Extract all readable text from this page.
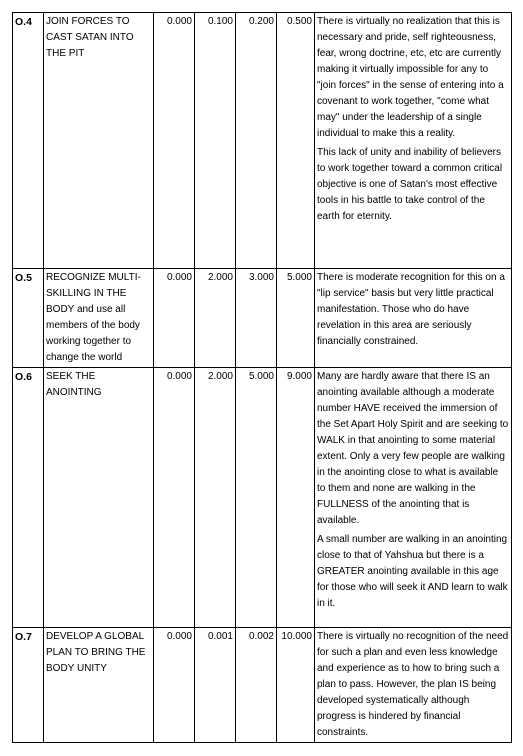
O.4	JOIN FORCES TO CAST SATAN INTO THE PIT	0.000	0.100	0.200	0.500	There is virtually no realization that this is necessary and pride, self righteousness, fear, wrong doctrine, etc, etc are currently making it virtually impossible for any to "join forces" in the sense of entering into a covenant to work together, "come what may" under the leadership of a single individual to make this a reality.

This lack of unity and inability of believers to work together toward a common critical objective is one of Satan's most effective tools in his battle to take control of the earth for eternity.

O.5	RECOGNIZE MULTI-SKILLING IN THE BODY and use all members of the body working together to change the world	0.000	2.000	3.000	5.000	There is moderate recognition for this on a "lip service" basis but very little practical manifestation. Those who do have revelation in this area are seriously financially constrained.

O.6	SEEK THE ANOINTING	0.000	2.000	5.000	9.000	Many are hardly aware that there IS an anointing available although a moderate number HAVE received the immersion of the Set Apart Holy Spirit and are seeking to WALK in that anointing to some material extent. Only a very few people are walking in the anointing close to what is available to them and none are walking in the FULLNESS of the anointing that is available.

A small number are walking in an anointing close to that of Yahshua but there is a GREATER anointing available in this age for those who will seek it AND learn to walk in it.

O.7	DEVELOP A GLOBAL PLAN TO BRING THE BODY UNITY	0.000	0.001	0.002	10.000	There is virtually no recognition of the need for such a plan and even less knowledge and experience as to how to bring such a plan to pass. However, the plan IS being developed systematically although progress is hindered by financial constraints.
